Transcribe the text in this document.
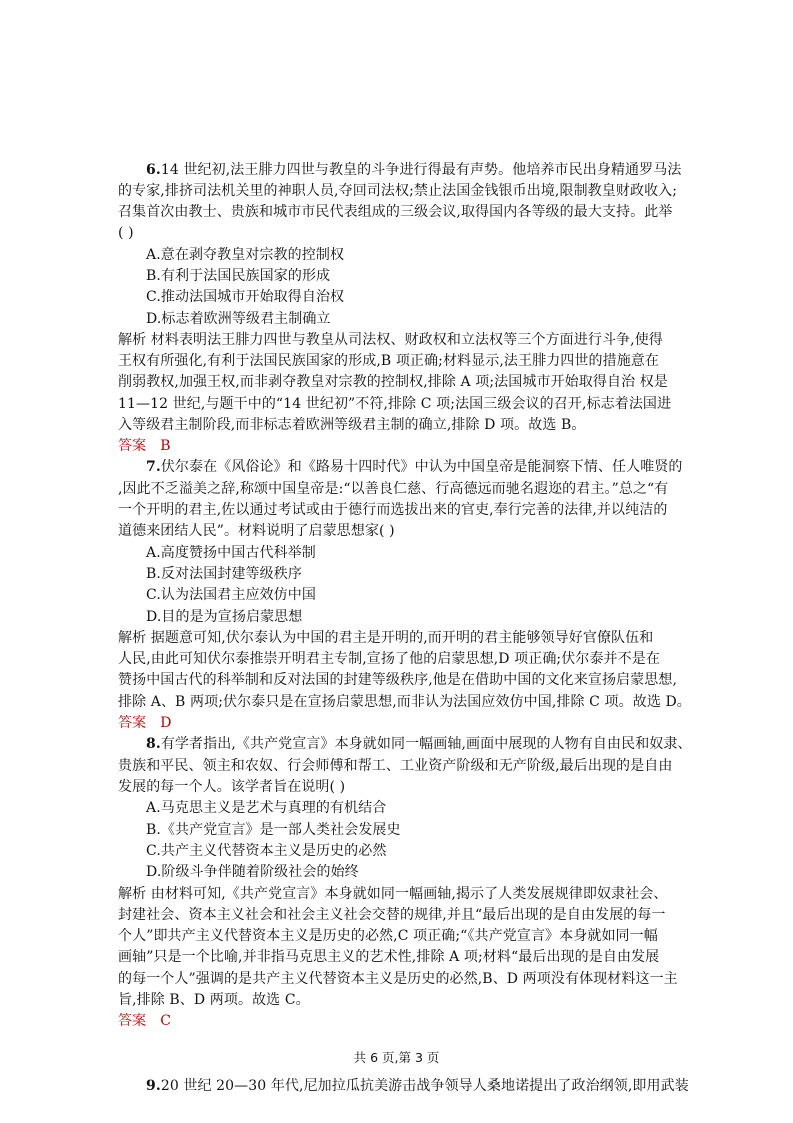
6.14 世纪初,法王腓力四世与教皇的斗争进行得最有声势。他培养市民出身精通罗马法
的专家,排挤司法机关里的神职人员,夺回司法权;禁止法国金钱银币出境,限制教皇财政收入;
召集首次由教士、贵族和城市市民代表组成的三级会议,取得国内各等级的最大支持。此举
( )
A.意在剥夺教皇对宗教的控制权
B.有利于法国民族国家的形成
C.推动法国城市开始取得自治权
D.标志着欧洲等级君主制确立
解析 材料表明法王腓力四世与教皇从司法权、财政权和立法权等三个方面进行斗争,使得
王权有所强化,有利于法国民族国家的形成,B 项正确;材料显示,法王腓力四世的措施意在
削弱教权,加强王权,而非剥夺教皇对宗教的控制权,排除 A 项;法国城市开始取得自治 权是
11—12 世纪,与题干中的“14 世纪初”不符,排除 C 项;法国三级会议的召开,标志着法国进
入等级君主制阶段,而非标志着欧洲等级君主制的确立,排除 D 项。故选 B。
答案 B
7.伏尔泰在《风俗论》和《路易十四时代》中认为中国皇帝是能洞察下情、任人唯贤的
,因此不乏溢美之辞,称颂中国皇帝是:“以善良仁慈、行高德远而驰名遐迩的君主。”总之“有
一个开明的君主,佐以通过考试或由于德行而选拔出来的官吏,奉行完善的法律,并以纯洁的
道德来团结人民”。材料说明了启蒙思想家( )
A.高度赞扬中国古代科举制
B.反对法国封建等级秩序
C.认为法国君主应效仿中国
D.目的是为宣扬启蒙思想
解析 据题意可知,伏尔泰认为中国的君主是开明的,而开明的君主能够领导好官僚队伍和
人民,由此可知伏尔泰推崇开明君主专制,宣扬了他的启蒙思想,D 项正确;伏尔泰并不是在
赞扬中国古代的科举制和反对法国的封建等级秩序,他是在借助中国的文化来宣扬启蒙思想,
排除 A、B 两项;伏尔泰只是在宣扬启蒙思想,而非认为法国应效仿中国,排除 C 项。故选 D。
答案 D
8.有学者指出,《共产党宣言》本身就如同一幅画轴,画面中展现的人物有自由民和奴隶、
贵族和平民、领主和农奴、行会师傅和帮工、工业资产阶级和无产阶级,最后出现的是自由
发展的每一个人。该学者旨在说明( )
A.马克思主义是艺术与真理的有机结合
B.《共产党宣言》是一部人类社会发展史
C.共产主义代替资本主义是历史的必然
D.阶级斗争伴随着阶级社会的始终
解析 由材料可知,《共产党宣言》本身就如同一幅画轴,揭示了人类发展规律即奴隶社会、
封建社会、资本主义社会和社会主义社会交替的规律,并且“最后出现的是自由发展的每一
个人”即共产主义代替资本主义是历史的必然,C 项正确;“《共产党宣言》本身就如同一幅
画轴”只是一个比喻,并非指马克思主义的艺术性,排除 A 项;材料“最后出现的是自由发展
的每一个人”强调的是共产主义代替资本主义是历史的必然,B、D 两项没有体现材料这一主
旨,排除 B、D 两项。故选 C。
答案 C
共 6 页,第 3 页
9.20 世纪 20—30 年代,尼加拉瓜抗美游击战争领导人桑地诺提出了政治纲领,即用武装
